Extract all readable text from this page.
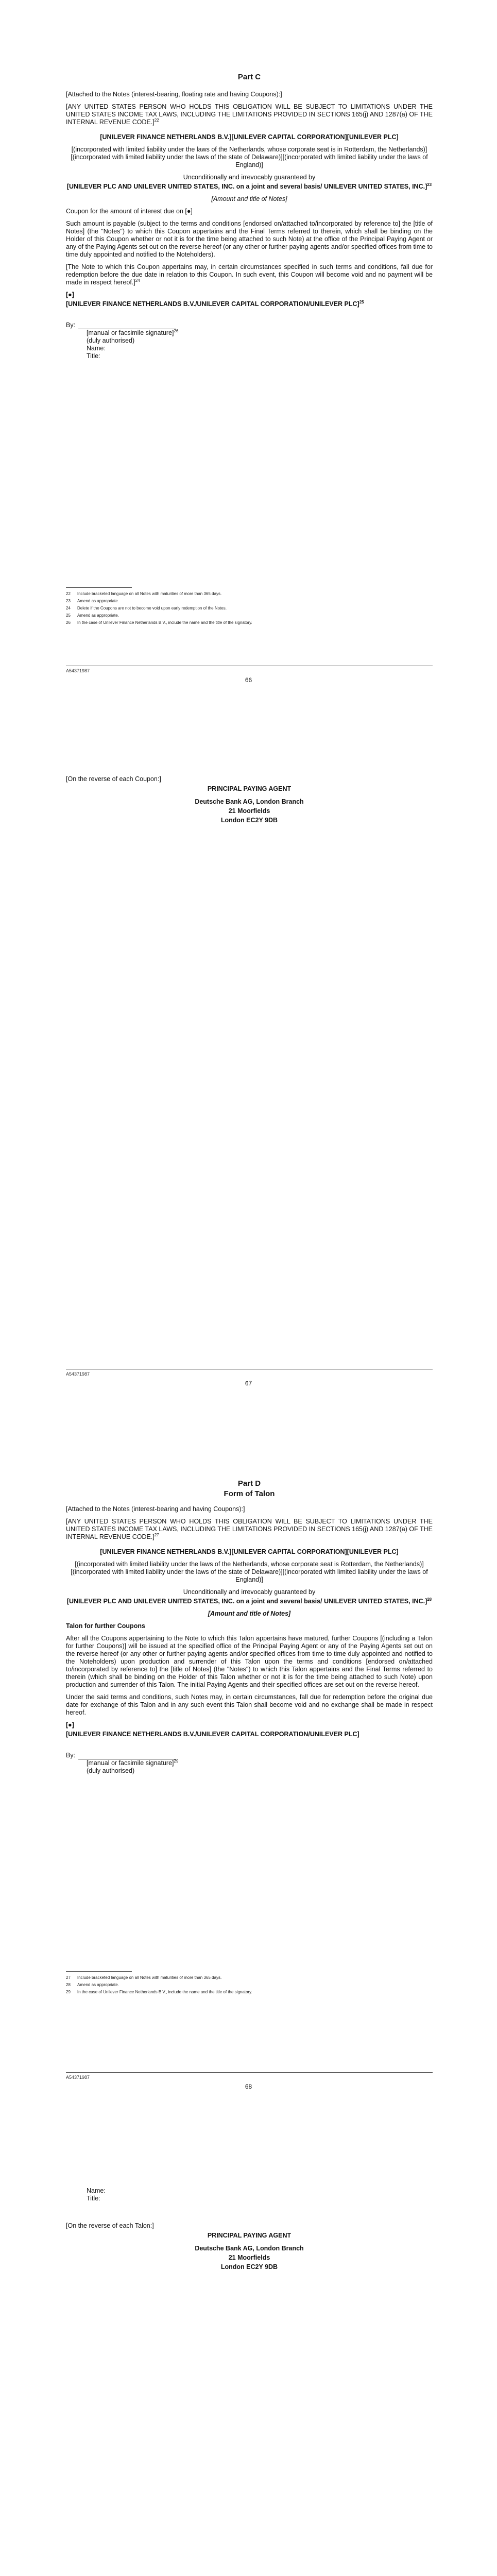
Part C

[Attached to the Notes (interest-bearing, floating rate and having Coupons):]

[ANY UNITED STATES PERSON WHO HOLDS THIS OBLIGATION WILL BE SUBJECT TO LIMITATIONS UNDER THE UNITED STATES INCOME TAX LAWS, INCLUDING THE LIMITATIONS PROVIDED IN SECTIONS 165(j) AND 1287(a) OF THE INTERNAL REVENUE CODE.]$^{22}$

[UNILEVER FINANCE NETHERLANDS B.V.][UNILEVER CAPITAL CORPORATION][UNILEVER PLC]

[(incorporated with limited liability under the laws of the Netherlands, whose corporate seat is in Rotterdam, the Netherlands)][(incorporated with limited liability under the laws of the state of Delaware)][(incorporated with limited liability under the laws of England)]

Unconditionally and irrevocably guaranteed by

[UNILEVER PLC AND UNILEVER UNITED STATES, INC. on a joint and several basis/ UNILEVER UNITED STATES, INC.]$^{23}$

[Amount and title of Notes]

Coupon for the amount of interest due on [●]

Such amount is payable (subject to the terms and conditions [endorsed on/attached to/incorporated by reference to] the [title of Notes] (the "Notes") to which this Coupon appertains and the Final Terms referred to therein, which shall be binding on the Holder of this Coupon whether or not it is for the time being attached to such Note) at the office of the Principal Paying Agent or any of the Paying Agents set out on the reverse hereof (or any other or further paying agents and/or specified offices from time to time duly appointed and notified to the Noteholders).

[The Note to which this Coupon appertains may, in certain circumstances specified in such terms and conditions, fall due for redemption before the due date in relation to this Coupon. In such event, this Coupon will become void and no payment will be made in respect hereof.]$^{24}$

[●]

[UNILEVER FINANCE NETHERLANDS B.V./UNILEVER CAPITAL CORPORATION/UNILEVER PLC]$^{25}$

By:
[manual or facsimile signature]$^{26}$
(duly authorised)
Name:
Title:
22 Include bracketed language on all Notes with maturities of more than 365 days.
23 Amend as appropriate.
24 Delete if the Coupons are not to become void upon early redemption of the Notes.
25 Amend as appropriate.
26 In the case of Unilever Finance Netherlands B.V., include the name and the title of the signatory.
A54371987
66

[On the reverse of each Coupon:]

PRINCIPAL PAYING AGENT

Deutsche Bank AG, London Branch

21 Moorfields

London EC2Y 9DB

A54371987
67

Part D

Form of Talon

[Attached to the Notes (interest-bearing and having Coupons):]

[ANY UNITED STATES PERSON WHO HOLDS THIS OBLIGATION WILL BE SUBJECT TO LIMITATIONS UNDER THE UNITED STATES INCOME TAX LAWS, INCLUDING THE LIMITATIONS PROVIDED IN SECTIONS 165(j) AND 1287(a) OF THE INTERNAL REVENUE CODE.]$^{27}$

[UNILEVER FINANCE NETHERLANDS B.V.][UNILEVER CAPITAL CORPORATION][UNILEVER PLC]

[(incorporated with limited liability under the laws of the Netherlands, whose corporate seat is Rotterdam, the Netherlands)][(incorporated with limited liability under the laws of the state of Delaware)][(incorporated with limited liability under the laws of England)]

Unconditionally and irrevocably guaranteed by

[UNILEVER PLC AND UNILEVER UNITED STATES, INC. on a joint and several basis/ UNILEVER UNITED STATES, INC.]$^{28}$

[Amount and title of Notes]

Talon for further Coupons

After all the Coupons appertaining to the Note to which this Talon appertains have matured, further Coupons [(including a Talon for further Coupons)] will be issued at the specified office of the Principal Paying Agent or any of the Paying Agents set out on the reverse hereof (or any other or further paying agents and/or specified offices from time to time duly appointed and notified to the Noteholders) upon production and surrender of this Talon upon the terms and conditions [endorsed on/attached to/incorporated by reference to] the [title of Notes] (the "Notes") to which this Talon appertains and the Final Terms referred to therein (which shall be binding on the Holder of this Talon whether or not it is for the time being attached to such Note) upon production and surrender of this Talon. The initial Paying Agents and their specified offices are set out on the reverse hereof.

Under the said terms and conditions, such Notes may, in certain circumstances, fall due for redemption before the original due date for exchange of this Talon and in any such event this Talon shall become void and no exchange shall be made in respect hereof.

[●]

[UNILEVER FINANCE NETHERLANDS B.V./UNILEVER CAPITAL CORPORATION/UNILEVER PLC]

By:
[manual or facsimile signature]$^{29}$
(duly authorised)
27 Include bracketed language on all Notes with maturities of more than 365 days.
28 Amend as appropriate.
29 In the case of Unilever Finance Netherlands B.V., include the name and the title of the signatory.
A54371987
68
Name:
Title:

[On the reverse of each Talon:]

PRINCIPAL PAYING AGENT

Deutsche Bank AG, London Branch

21 Moorfields

London EC2Y 9DB
